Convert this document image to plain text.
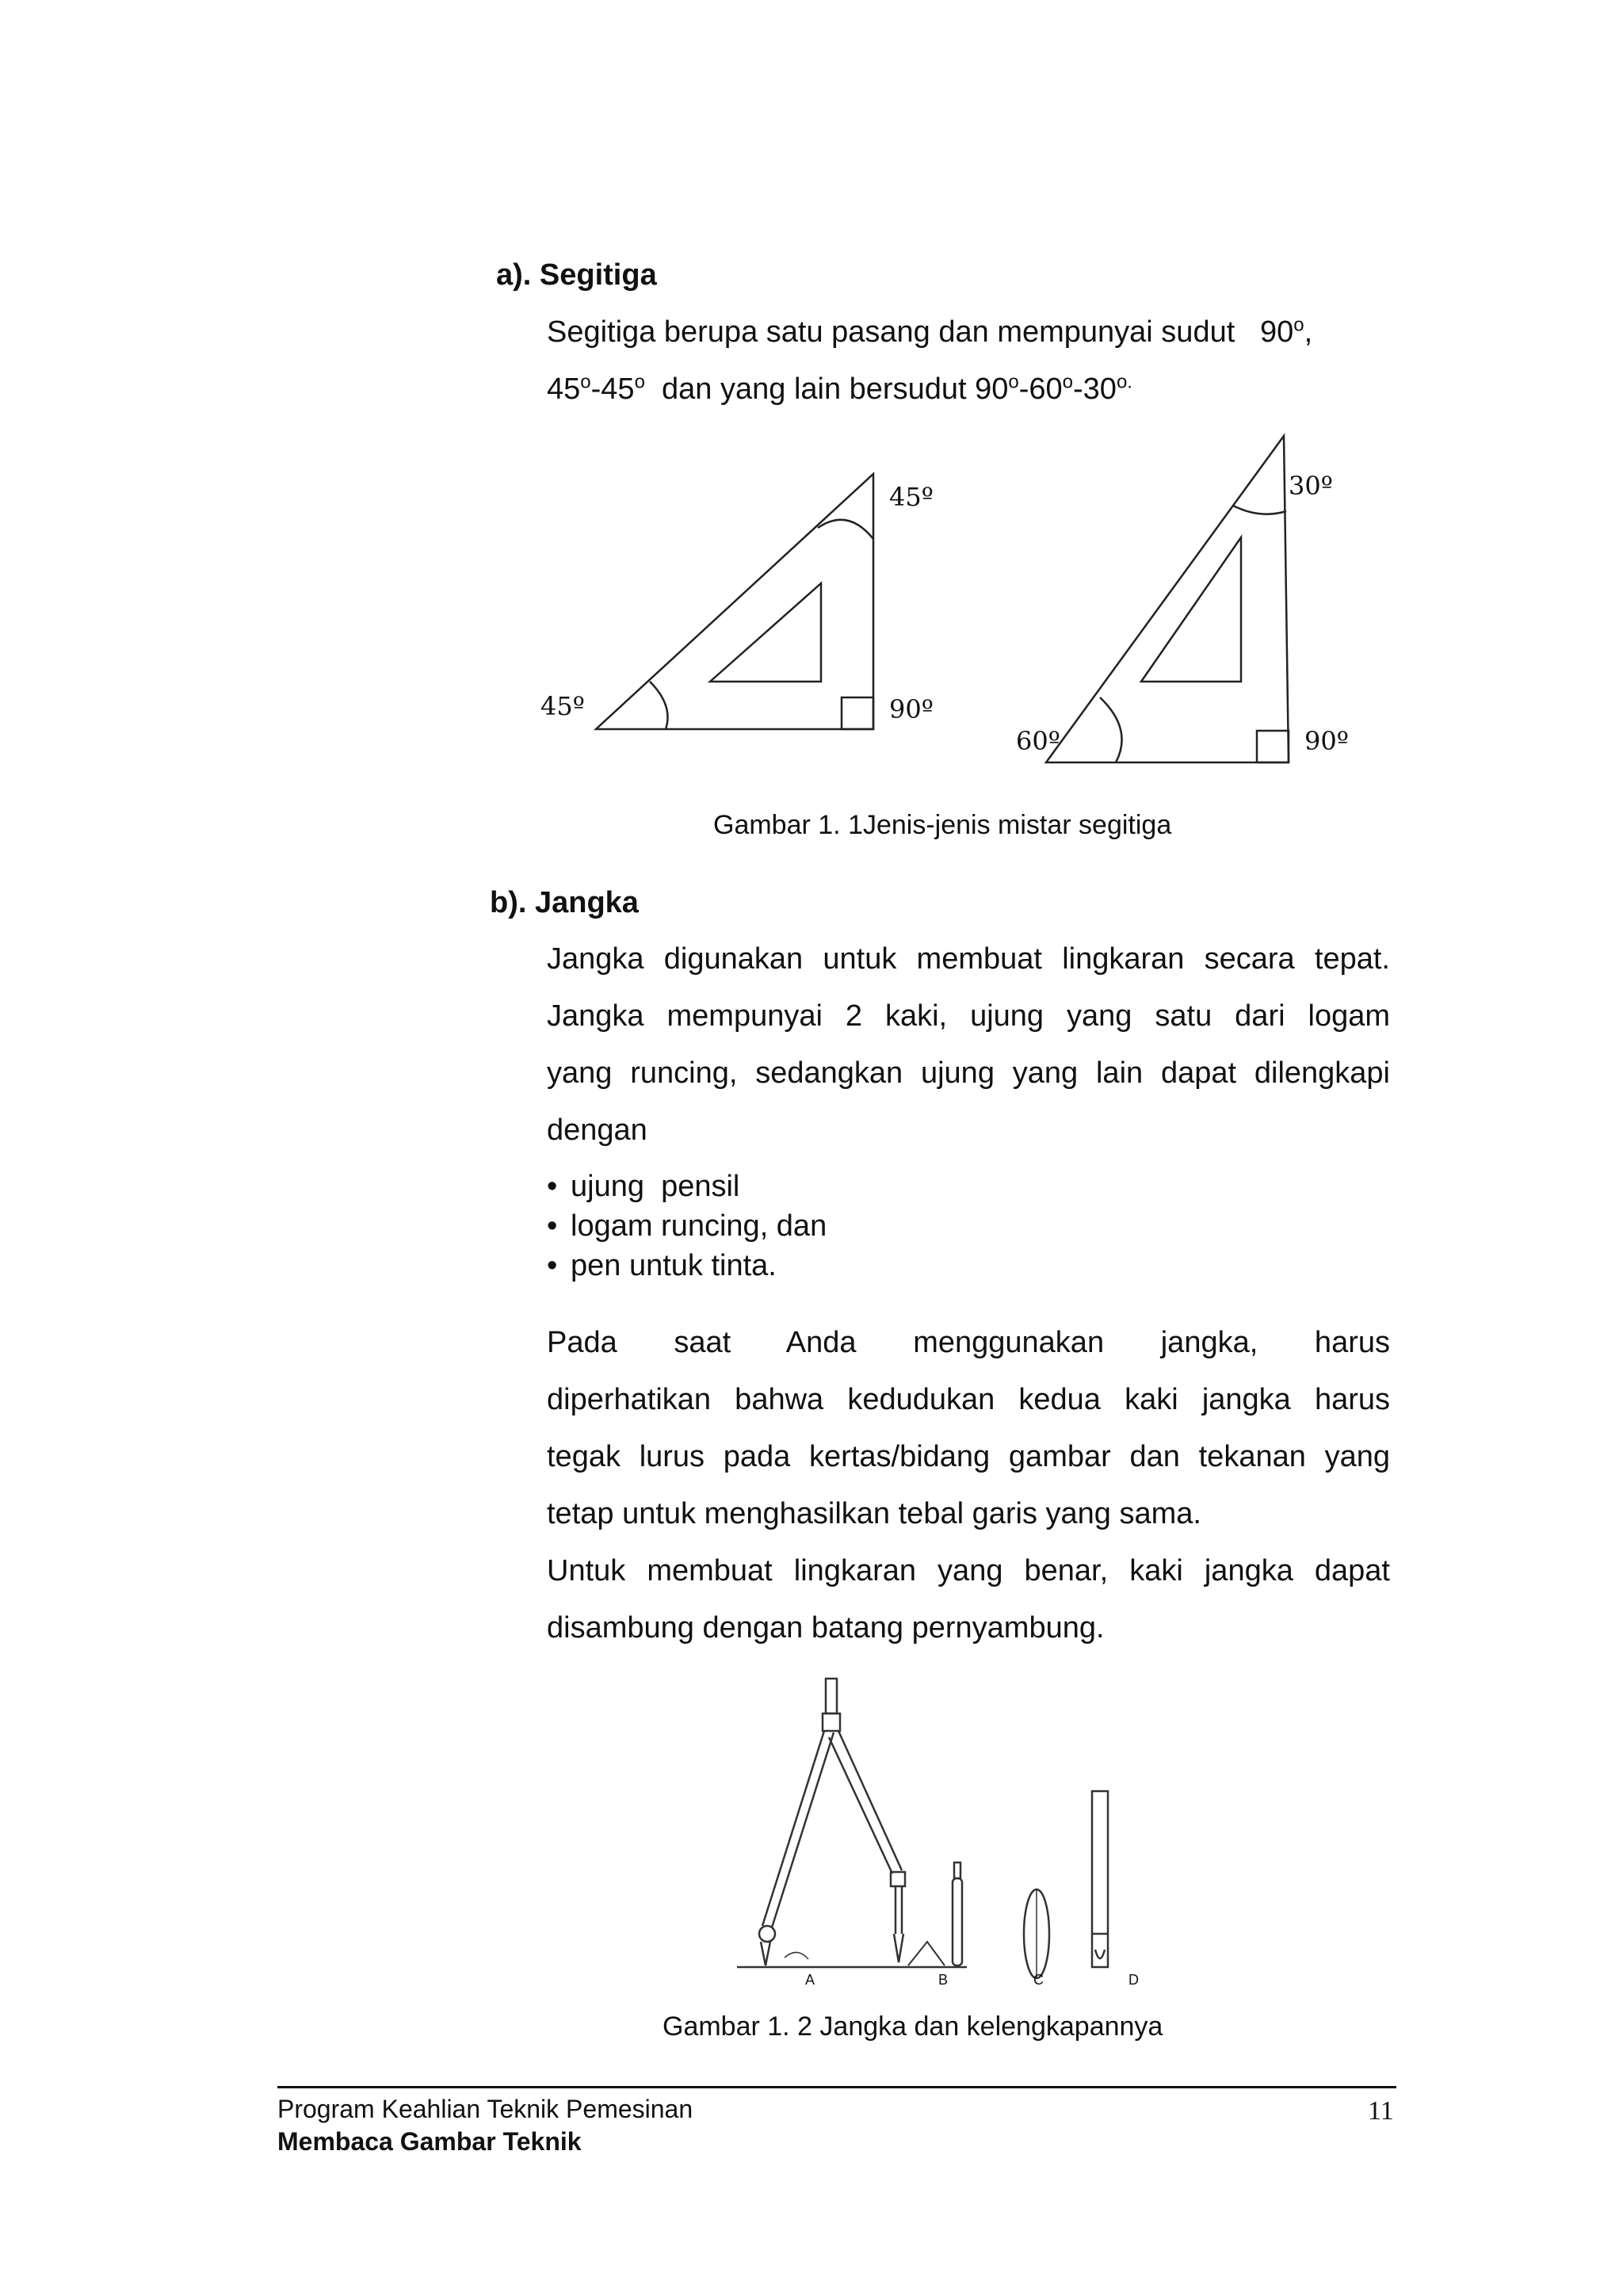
a). Segitiga
Segitiga berupa satu pasang dan mempunyai sudut   90$^o$,
45$^o$-45$^o$  dan yang lain bersudut $90^o-60^o-30^{o.}$
45º
45º	90º
30º
60º	90º
Gambar 1. 1Jenis-jenis mistar segitiga
b). Jangka
Jangka digunakan untuk membuat lingkaran secara tepat.
Jangka mempunyai 2 kaki, ujung yang satu dari logam
yang runcing, sedangkan ujung yang lain dapat dilengkapi
dengan
• ujung  pensil
• logam runcing, dan
• pen untuk tinta.
Pada saat Anda menggunakan jangka, harus
diperhatikan bahwa kedudukan kedua kaki jangka harus
tegak lurus pada kertas/bidang gambar dan tekanan yang
tetap untuk menghasilkan tebal garis yang sama.
Untuk membuat lingkaran yang benar, kaki jangka dapat
disambung dengan batang pernyambung.
A	B	C	D
Gambar 1. 2 Jangka dan kelengkapannya
Program Keahlian Teknik Pemesinan
Membaca Gambar Teknik
11
